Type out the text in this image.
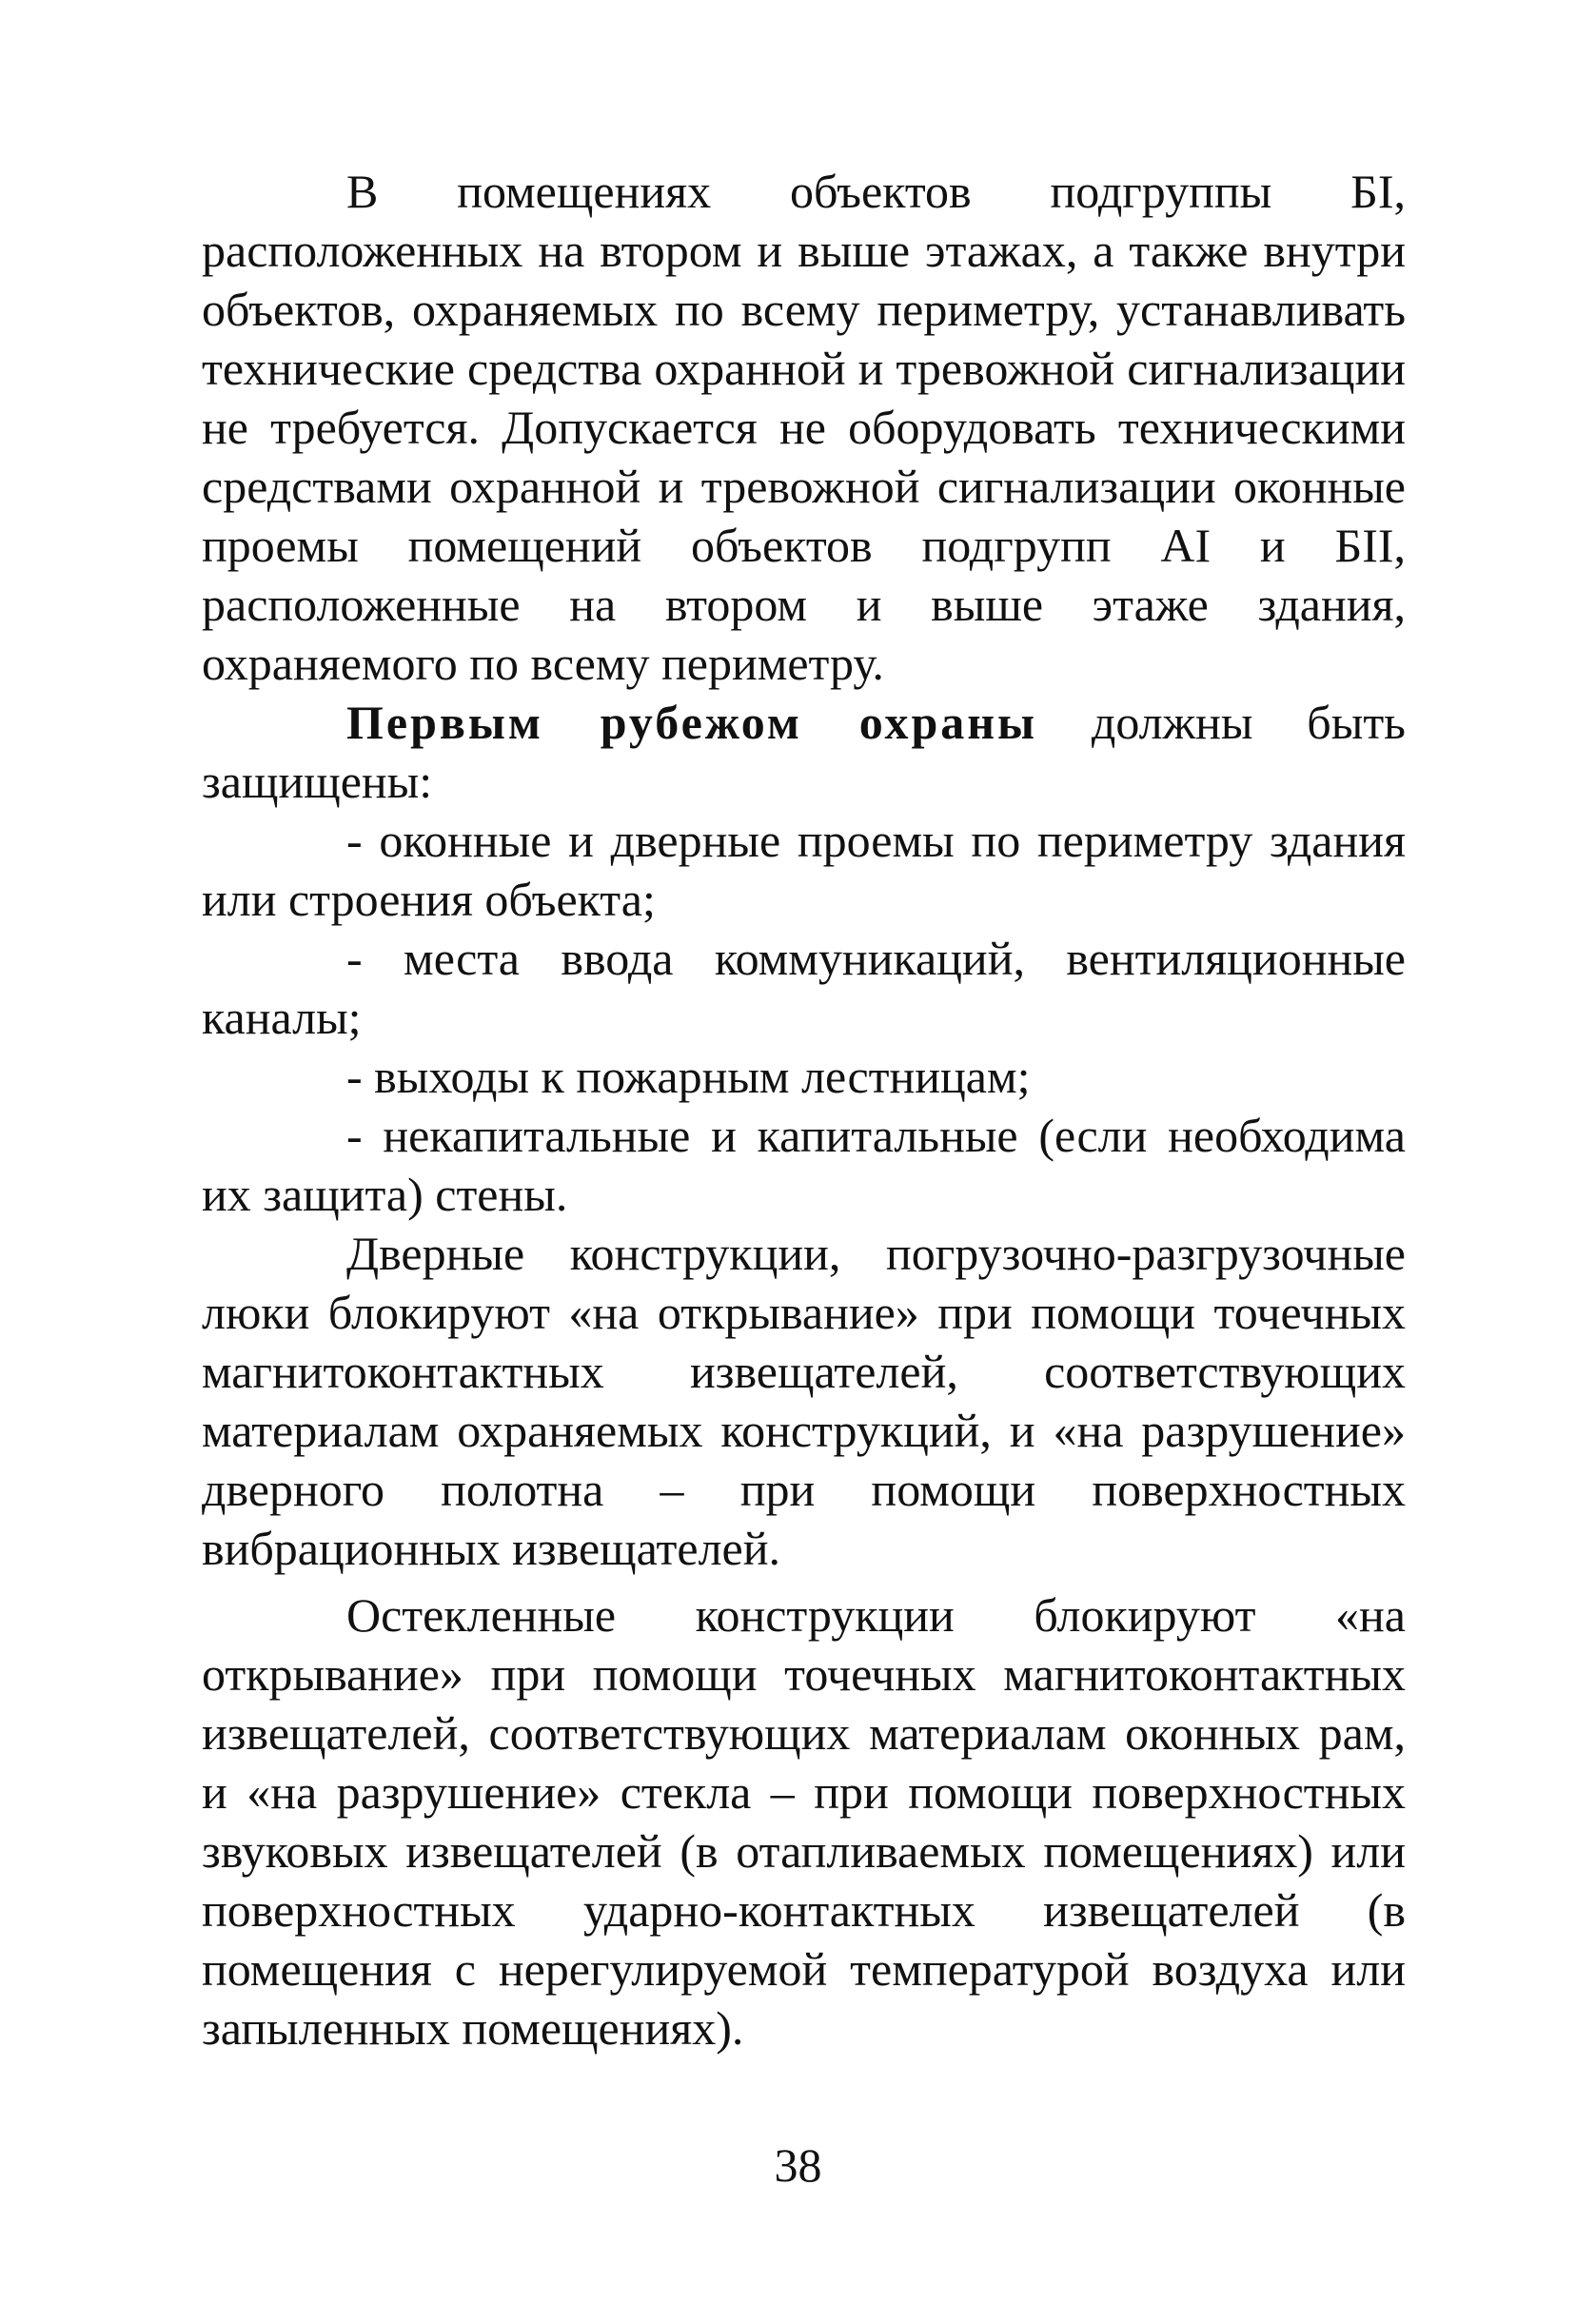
В помещениях объектов подгруппы БI, расположенных на втором и выше этажах, а также внутри объектов, охраняемых по всему периметру, устанавливать технические средства охранной и тревожной сигнализации не требуется. Допускается не оборудовать техническими средствами охранной и тревожной сигнализации оконные проемы помещений объектов подгрупп АI и БII, расположенные на втором и выше этаже здания, охраняемого по всему периметру.

Первым рубежом охраны должны быть защищены:

- оконные и дверные проемы по периметру здания или строения объекта;

- места ввода коммуникаций, вентиляционные каналы;

- выходы к пожарным лестницам;

- некапитальные и капитальные (если необходима их защита) стены.

Дверные конструкции, погрузочно-разгрузочные люки блокируют «на открывание» при помощи точечных магнитоконтактных извещателей, соответствующих материалам охраняемых конструкций, и «на разрушение» дверного полотна – при помощи поверхностных вибрационных извещателей.

Остекленные конструкции блокируют «на открывание» при помощи точечных магнитоконтактных извещателей, соответствующих материалам оконных рам, и «на разрушение» стекла – при помощи поверхностных звуковых извещателей (в отапливаемых помещениях) или поверхностных ударно-контактных извещателей (в помещения с нерегулируемой температурой воздуха или запыленных помещениях).

38
